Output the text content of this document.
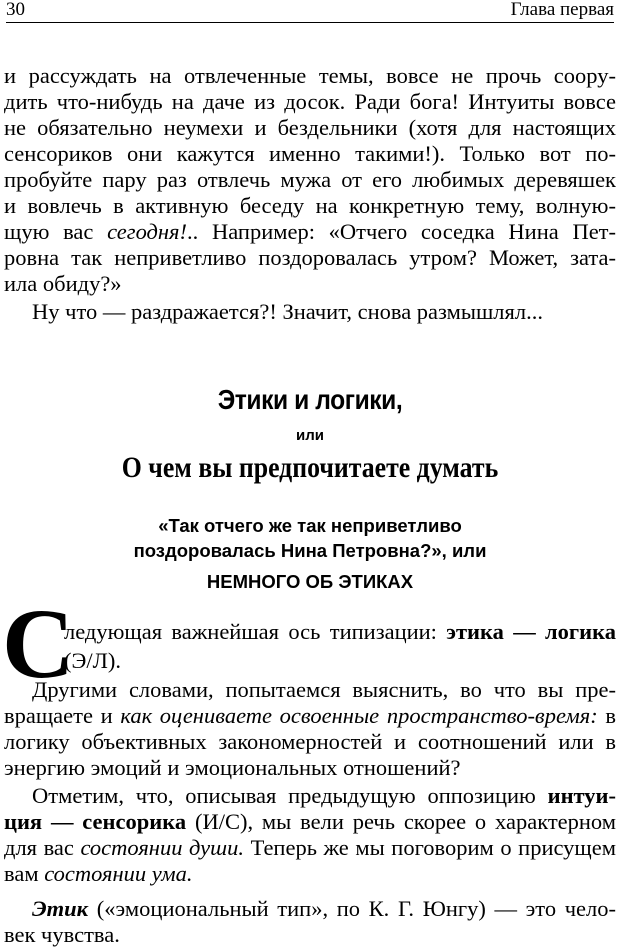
30	Глава первая
и рассуждать на отвлеченные темы, вовсе не прочь соору-
дить что-нибудь на даче из досок. Ради бога! Интуиты вовсе
не обязательно неумехи и бездельники (хотя для настоящих
сенсориков они кажутся именно такими!). Только вот по-
пробуйте пару раз отвлечь мужа от его любимых деревяшек
и вовлечь в активную беседу на конкретную тему, волную-
щую вас сегодня!.. Например: «Отчего соседка Нина Пет-
ровна так неприветливо поздоровалась утром? Может, зата-
ила обиду?»
Ну что — раздражается?! Значит, снова размышлял...
Этики и логики,
или
О чем вы предпочитаете думать
«Так отчего же так неприветливо
поздоровалась Нина Петровна?», или
НЕМНОГО ОБ ЭТИКАХ
С
ледующая важнейшая ось типизации: этика — логика
(Э/Л).
Другими словами, попытаемся выяснить, во что вы пре-
вращаете и как оцениваете освоенные пространство-время: в
логику объективных закономерностей и соотношений или в
энергию эмоций и эмоциональных отношений?
Отметим, что, описывая предыдущую оппозицию интуи-
ция — сенсорика (И/С), мы вели речь скорее о характерном
для вас состоянии души. Теперь же мы поговорим о присущем
вам состоянии ума.
Этик («эмоциональный тип», по К. Г. Юнгу) — это чело-
век чувства.
